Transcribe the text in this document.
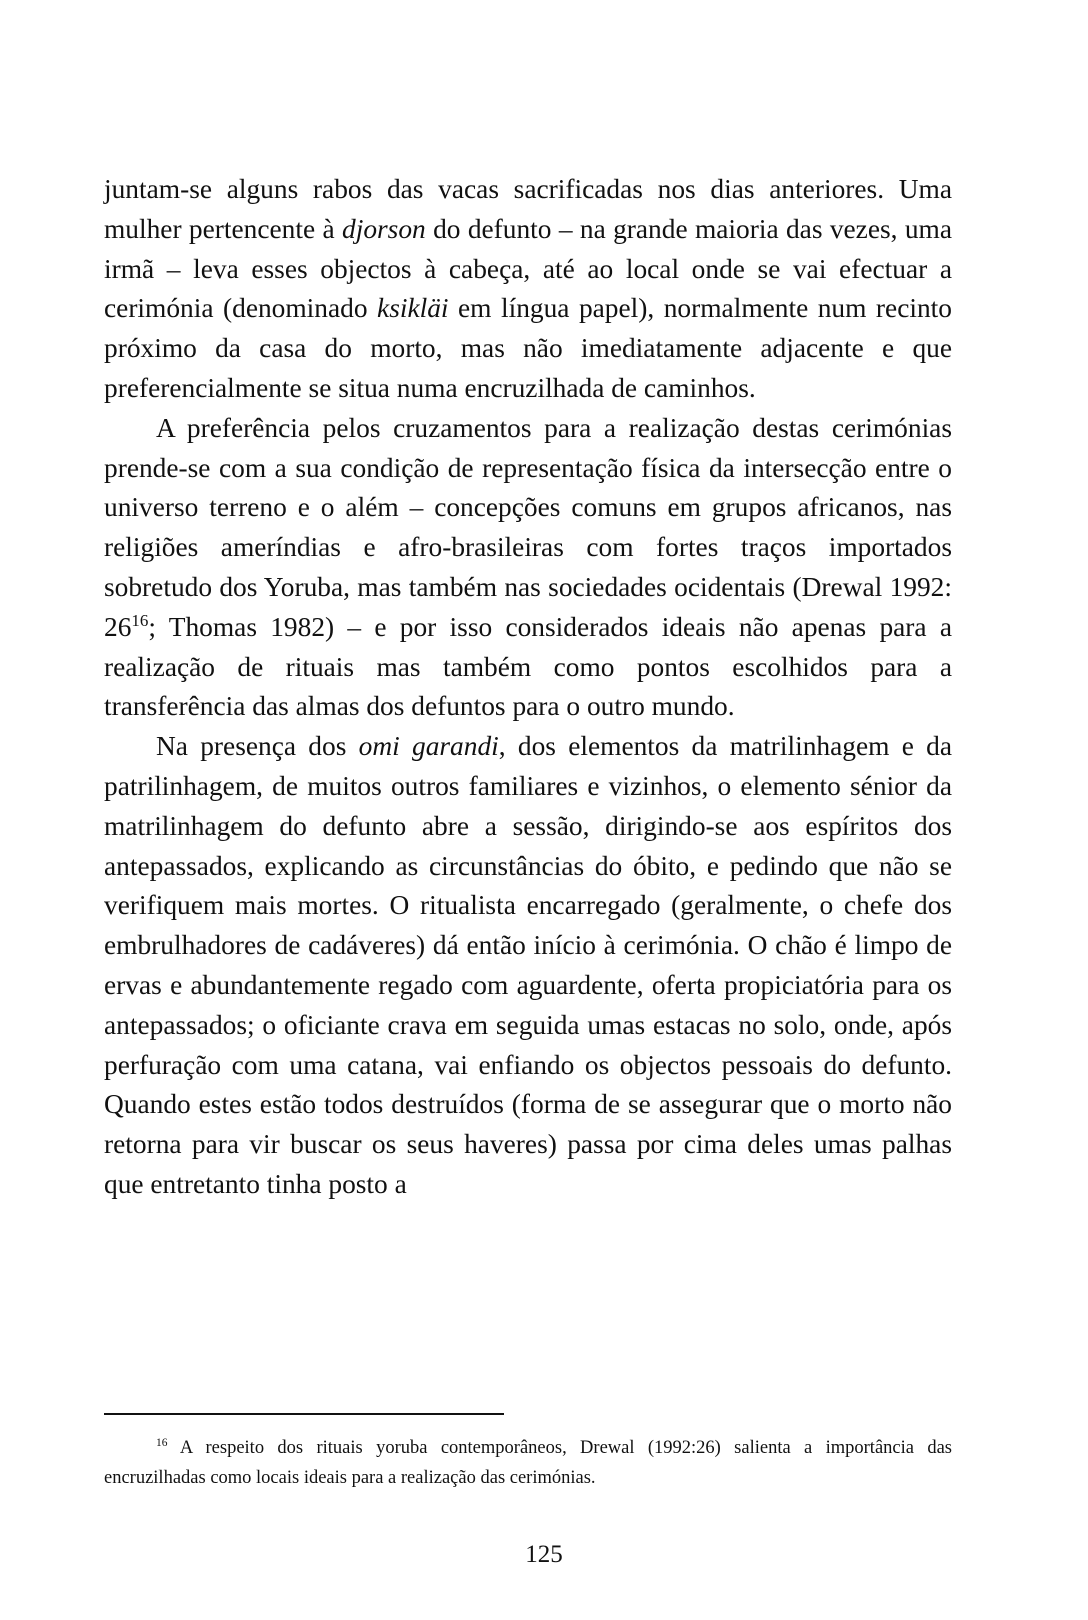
juntam-se alguns rabos das vacas sacrificadas nos dias anteriores. Uma mulher pertencente à djorson do defunto – na grande maioria das vezes, uma irmã – leva esses objectos à cabeça, até ao local onde se vai efectuar a cerimónia (denominado ksikläi em língua papel), normalmente num recinto próximo da casa do morto, mas não imediatamente adjacente e que preferencialmente se situa numa encruzilhada de caminhos.

A preferência pelos cruzamentos para a realização destas cerimónias prende-se com a sua condição de representação física da intersecção entre o universo terreno e o além – concepções comuns em grupos africanos, nas religiões ameríndias e afro-brasileiras com fortes traços importados sobretudo dos Yoruba, mas também nas sociedades ocidentais (Drewal 1992: $26^{16}$; Thomas 1982) – e por isso considerados ideais não apenas para a realização de rituais mas também como pontos escolhidos para a transferência das almas dos defuntos para o outro mundo.

Na presença dos omi garandi, dos elementos da matrilinhagem e da patrilinhagem, de muitos outros familiares e vizinhos, o elemento sénior da matrilinhagem do defunto abre a sessão, dirigindo-se aos espíritos dos antepassados, explicando as circunstâncias do óbito, e pedindo que não se verifiquem mais mortes. O ritualista encarregado (geralmente, o chefe dos embrulhadores de cadáveres) dá então início à cerimónia. O chão é limpo de ervas e abundantemente regado com aguardente, oferta propiciatória para os antepassados; o oficiante crava em seguida umas estacas no solo, onde, após perfuração com uma catana, vai enfiando os objectos pessoais do defunto. Quando estes estão todos destruídos (forma de se assegurar que o morto não retorna para vir buscar os seus haveres) passa por cima deles umas palhas que entretanto tinha posto a

$^{16}$ A respeito dos rituais yoruba contemporâneos, Drewal (1992:26) salienta a importância das encruzilhadas como locais ideais para a realização das cerimónias.
125
